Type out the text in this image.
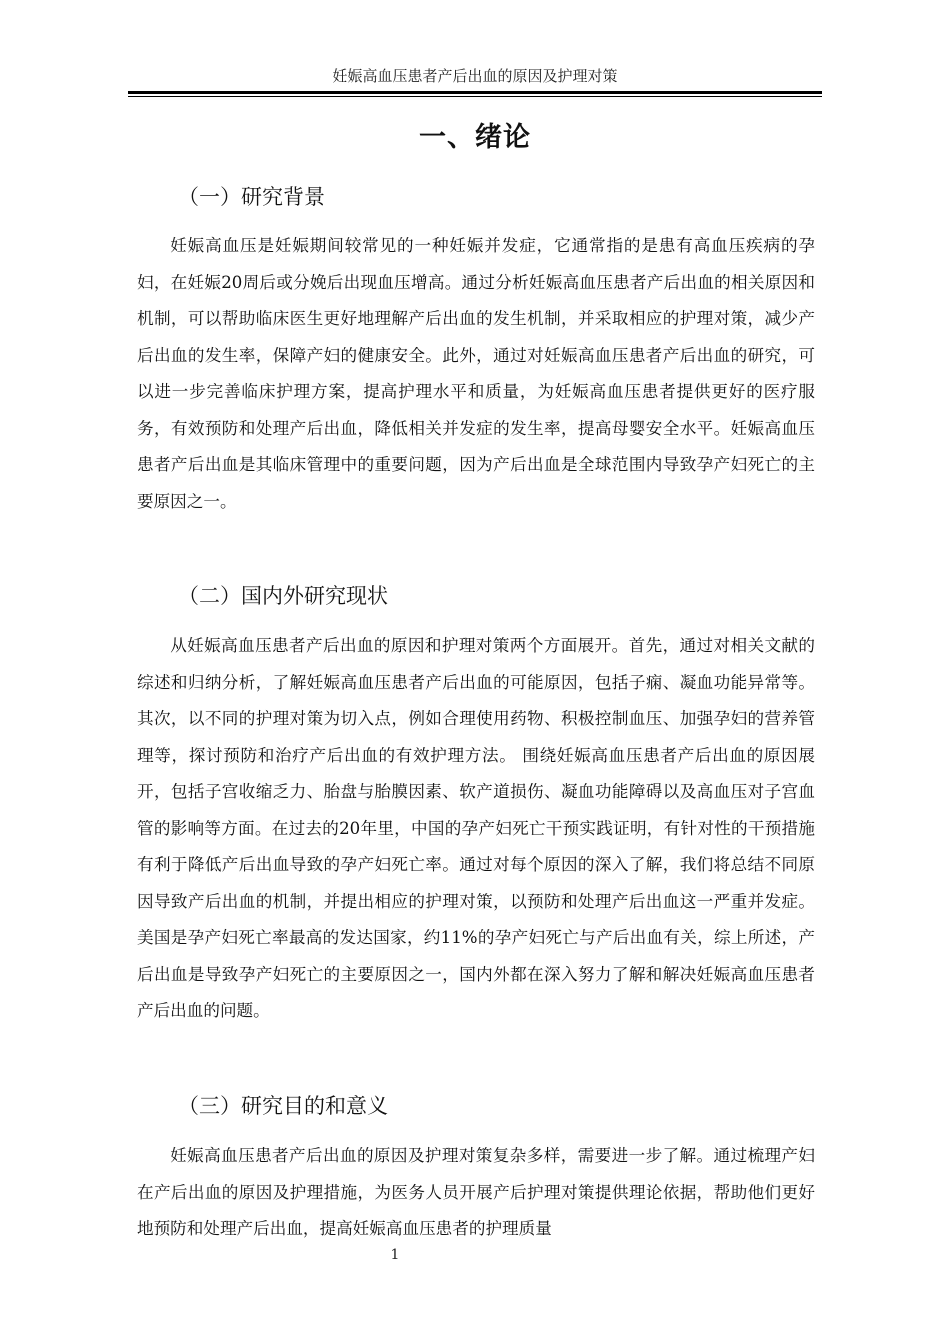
妊娠高血压患者产后出血的原因及护理对策
一、绪论
（一）研究背景

妊娠高血压是妊娠期间较常见的一种妊娠并发症，它通常指的是患有高血压疾病的孕妇，在妊娠20周后或分娩后出现血压增高。通过分析妊娠高血压患者产后出血的相关原因和机制，可以帮助临床医生更好地理解产后出血的发生机制，并采取相应的护理对策，减少产后出血的发生率，保障产妇的健康安全。此外，通过对妊娠高血压患者产后出血的研究，可以进一步完善临床护理方案，提高护理水平和质量，为妊娠高血压患者提供更好的医疗服务，有效预防和处理产后出血，降低相关并发症的发生率，提高母婴安全水平。妊娠高血压患者产后出血是其临床管理中的重要问题，因为产后出血是全球范围内导致孕产妇死亡的主要原因之一。

（二）国内外研究现状

从妊娠高血压患者产后出血的原因和护理对策两个方面展开。首先，通过对相关文献的综述和归纳分析，了解妊娠高血压患者产后出血的可能原因，包括子痫、凝血功能异常等。其次，以不同的护理对策为切入点，例如合理使用药物、积极控制血压、加强孕妇的营养管理等，探讨预防和治疗产后出血的有效护理方法。 围绕妊娠高血压患者产后出血的原因展开，包括子宫收缩乏力、胎盘与胎膜因素、软产道损伤、凝血功能障碍以及高血压对子宫血管的影响等方面。在过去的20年里，中国的孕产妇死亡干预实践证明，有针对性的干预措施有利于降低产后出血导致的孕产妇死亡率。通过对每个原因的深入了解，我们将总结不同原因导致产后出血的机制，并提出相应的护理对策，以预防和处理产后出血这一严重并发症。美国是孕产妇死亡率最高的发达国家，约11%的孕产妇死亡与产后出血有关，综上所述，产后出血是导致孕产妇死亡的主要原因之一，国内外都在深入努力了解和解决妊娠高血压患者产后出血的问题。

（三）研究目的和意义

妊娠高血压患者产后出血的原因及护理对策复杂多样，需要进一步了解。通过梳理产妇在产后出血的原因及护理措施，为医务人员开展产后护理对策提供理论依据，帮助他们更好地预防和处理产后出血，提高妊娠高血压患者的护理质量

1
